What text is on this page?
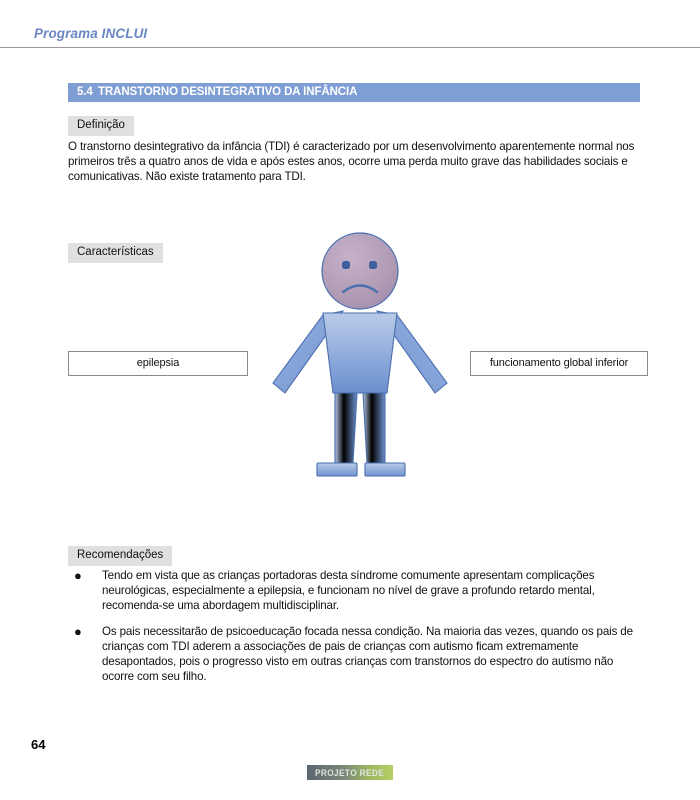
Programa INCLUI
5.4 TRANSTORNO DESINTEGRATIVO DA INFÂNCIA
Definição
O transtorno desintegrativo da infância (TDI) é caracterizado por um desenvolvimento aparentemente normal nos primeiros três a quatro anos de vida e após estes anos, ocorre uma perda muito grave das habilidades sociais e comunicativas. Não existe tratamento para TDI.
Características
epilepsia	funcionamento global inferior
Recomendações
● Tendo em vista que as crianças portadoras desta síndrome comumente apresentam complicações neurológicas, especialmente a epilepsia, e funcionam no nível de grave a profundo retardo mental, recomenda-se uma abordagem multidisciplinar.
● Os pais necessitarão de psicoeducação focada nessa condição. Na maioria das vezes, quando os pais de crianças com TDI aderem a associações de pais de crianças com autismo ficam extremamente desapontados, pois o progresso visto em outras crianças com transtornos do espectro do autismo não ocorre com seu filho.
64
PROJETO REDE
